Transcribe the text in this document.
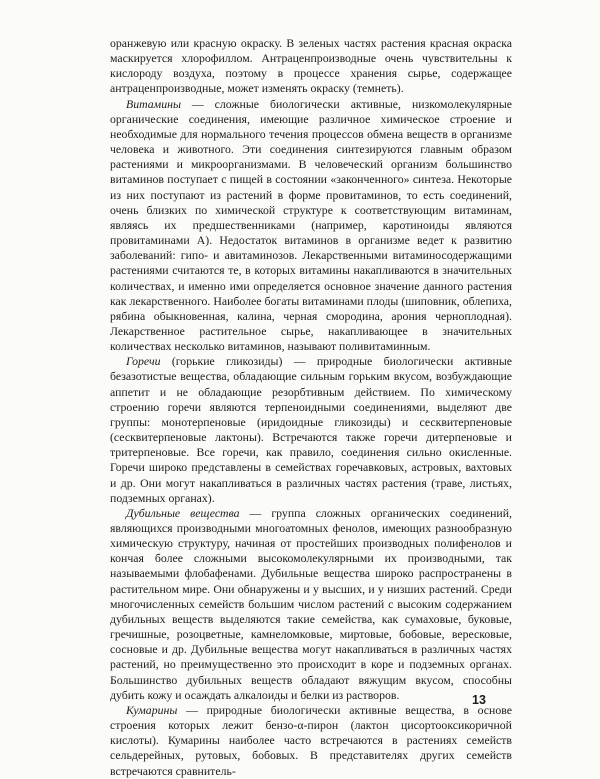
оранжевую или красную окраску. В зеленых частях растения красная окраска маскируется хлорофиллом. Антраценпроизводные очень чувствительны к кислороду воздуха, поэтому в процессе хранения сырье, содержащее антраценпроизводные, может изменять окраску (темнеть).

Витамины — сложные биологически активные, низкомолекулярные органические соединения, имеющие различное химическое строение и необходимые для нормального течения процессов обмена веществ в организме человека и животного. Эти соединения синтезируются главным образом растениями и микроорганизмами. В человеческий организм большинство витаминов поступает с пищей в состоянии «законченного» синтеза. Некоторые из них поступают из растений в форме провитаминов, то есть соединений, очень близких по химической структуре к соответствующим витаминам, являясь их предшественниками (например, каротиноиды являются провитаминами А). Недостаток витаминов в организме ведет к развитию заболеваний: гипо- и авитаминозов. Лекарственными витаминосодержащими растениями считаются те, в которых витамины накапливаются в значительных количествах, и именно ими определяется основное значение данного растения как лекарственного. Наиболее богаты витаминами плоды (шиповник, облепиха, рябина обыкновенная, калина, черная смородина, арония черноплодная). Лекарственное растительное сырье, накапливающее в значительных количествах несколько витаминов, называют поливитаминным.

Горечи (горькие гликозиды) — природные биологически активные безазотистые вещества, обладающие сильным горьким вкусом, возбуждающие аппетит и не обладающие резорбтивным действием. По химическому строению горечи являются терпеноидными соединениями, выделяют две группы: монотерпеновые (иридоидные гликозиды) и сесквитерпеновые (сесквитерпеновые лактоны). Встречаются также горечи дитерпеновые и тритерпеновые. Все горечи, как правило, соединения сильно окисленные. Горечи широко представлены в семействах горечавковых, астровых, вахтовых и др. Они могут накапливаться в различных частях растения (траве, листьях, подземных органах).

Дубильные вещества — группа сложных органических соединений, являющихся производными многоатомных фенолов, имеющих разнообразную химическую структуру, начиная от простейших производных полифенолов и кончая более сложными высокомолекулярными их производными, так называемыми флобафенами. Дубильные вещества широко распространены в растительном мире. Они обнаружены и у высших, и у низших растений. Среди многочисленных семейств большим числом растений с высоким содержанием дубильных веществ выделяются такие семейства, как сумаховые, буковые, гречишные, розоцветные, камнеломковые, миртовые, бобовые, вересковые, сосновые и др. Дубильные вещества могут накапливаться в различных частях растений, но преимущественно это происходит в коре и подземных органах. Большинство дубильных веществ обладают вяжущим вкусом, способны дубить кожу и осаждать алкалоиды и белки из растворов.

Кумарины — природные биологически активные вещества, в основе строения которых лежит бензо-α-пирон (лактон цисортооксикоричной кислоты). Кумарины наиболее часто встречаются в растениях семейств сельдерейных, рутовых, бобовых. В представителях других семейств встречаются сравнитель-

13
